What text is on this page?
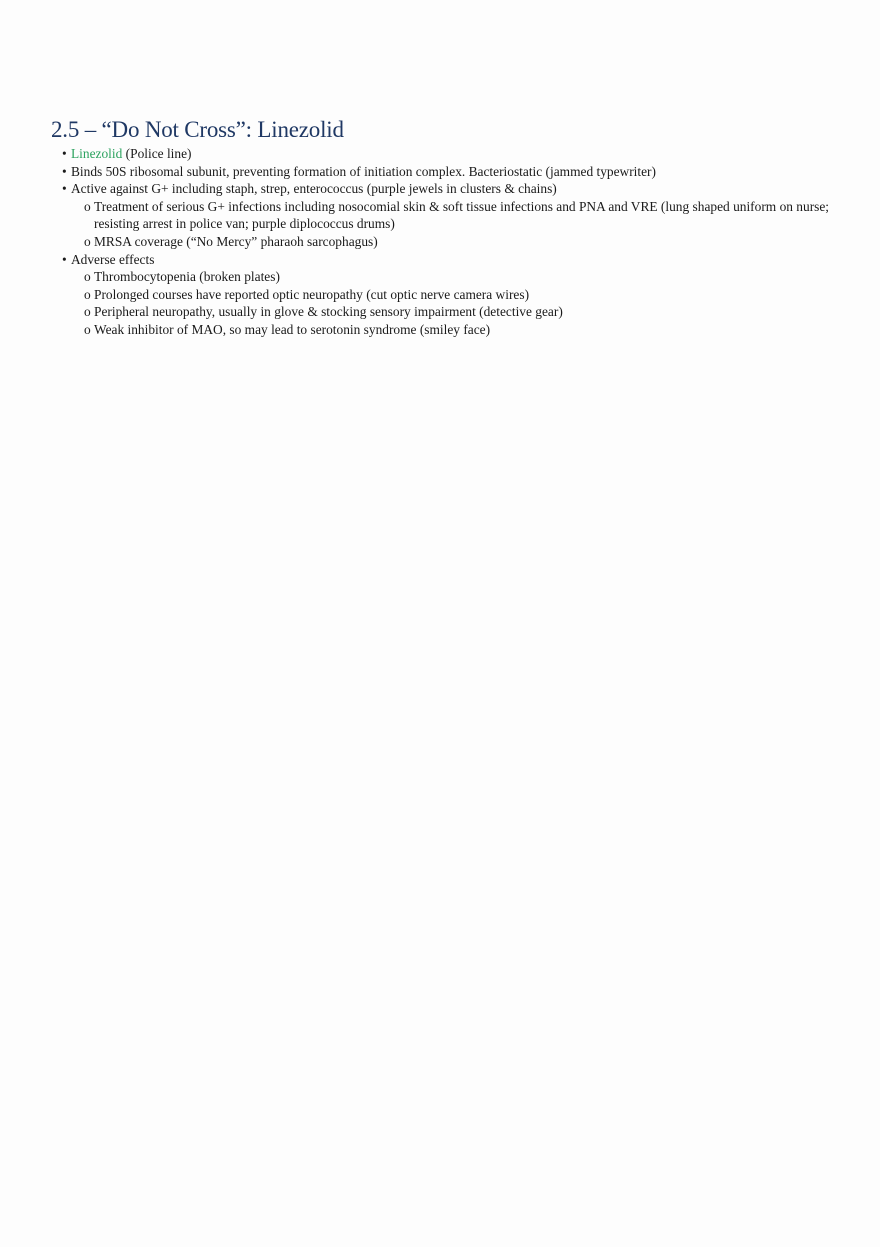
2.5 – “Do Not Cross”: Linezolid
• Linezolid (Police line)
• Binds 50S ribosomal subunit, preventing formation of initiation complex. Bacteriostatic (jammed typewriter)
• Active against G+ including staph, strep, enterococcus (purple jewels in clusters & chains)
o Treatment of serious G+ infections including nosocomial skin & soft tissue infections and PNA and VRE (lung shaped uniform on nurse; resisting arrest in police van; purple diplococcus drums)
o MRSA coverage (“No Mercy” pharaoh sarcophagus)
• Adverse effects
o Thrombocytopenia (broken plates)
o Prolonged courses have reported optic neuropathy (cut optic nerve camera wires)
o Peripheral neuropathy, usually in glove & stocking sensory impairment (detective gear)
o Weak inhibitor of MAO, so may lead to serotonin syndrome (smiley face)
